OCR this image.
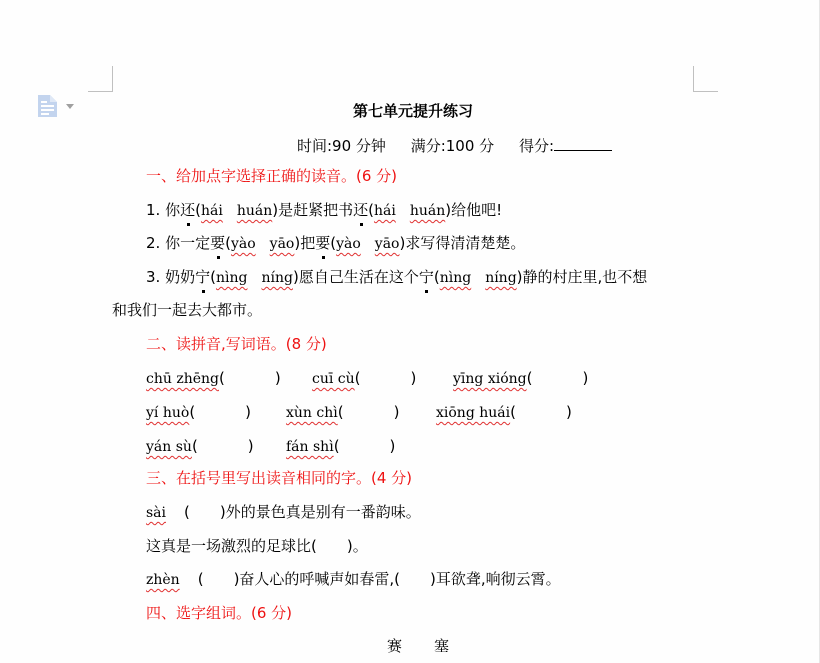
第七单元提升练习
时间:90 分钟 满分:100 分 得分:
一、给加点字选择正确的读音。(6 分)
1. 你还(hái huán)是赶紧把书还(hái huán)给他吧!
2. 你一定要(yào yāo)把要(yào yāo)求写得清清楚楚。
3. 奶奶宁(nìng níng)愿自己生活在这个宁(nìng níng)静的村庄里,也不想
和我们一起去大都市。
二、读拼音,写词语。(8 分)
chū zhēng(	) cuī cù(	)	yīng xióng(	)
yí huò(	) xùn chì(	)	xiōng huái(	)
yán sù(	) fán shì(	)
三、在括号里写出读音相同的字。(4 分)
sài ( )外的景色真是别有一番韵味。
这真是一场激烈的足球比( )。
zhèn ( )奋人心的呼喊声如春雷,( )耳欲聋,响彻云霄。
四、选字组词。(6 分)
赛 塞
